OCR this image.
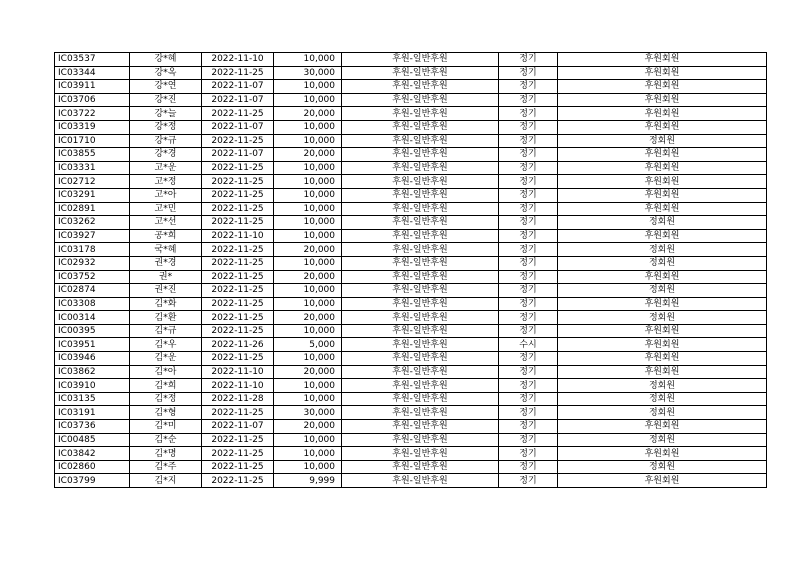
IC03537	강*혜	2022-11-10	10,000	후원-일반후원	정기	후원회원
IC03344	강*옥	2022-11-25	30,000	후원-일반후원	정기	후원회원
IC03911	강*연	2022-11-07	10,000	후원-일반후원	정기	후원회원
IC03706	강*진	2022-11-07	10,000	후원-일반후원	정기	후원회원
IC03722	강*늘	2022-11-25	20,000	후원-일반후원	정기	후원회원
IC03319	강*정	2022-11-07	10,000	후원-일반후원	정기	후원회원
IC01710	강*규	2022-11-25	10,000	후원-일반후원	정기	정회원
IC03855	강*경	2022-11-07	20,000	후원-일반후원	정기	후원회원
IC03331	고*운	2022-11-25	10,000	후원-일반후원	정기	후원회원
IC02712	고*정	2022-11-25	10,000	후원-일반후원	정기	후원회원
IC03291	고*아	2022-11-25	10,000	후원-일반후원	정기	후원회원
IC02891	고*민	2022-11-25	10,000	후원-일반후원	정기	후원회원
IC03262	고*선	2022-11-25	10,000	후원-일반후원	정기	정회원
IC03927	공*희	2022-11-10	10,000	후원-일반후원	정기	후원회원
IC03178	국*혜	2022-11-25	20,000	후원-일반후원	정기	정회원
IC02932	권*경	2022-11-25	10,000	후원-일반후원	정기	정회원
IC03752	권*	2022-11-25	20,000	후원-일반후원	정기	후원회원
IC02874	권*진	2022-11-25	10,000	후원-일반후원	정기	정회원
IC03308	김*화	2022-11-25	10,000	후원-일반후원	정기	후원회원
IC00314	김*환	2022-11-25	20,000	후원-일반후원	정기	정회원
IC00395	김*규	2022-11-25	10,000	후원-일반후원	정기	후원회원
IC03951	김*우	2022-11-26	5,000	후원-일반후원	수시	후원회원
IC03946	김*운	2022-11-25	10,000	후원-일반후원	정기	후원회원
IC03862	김*아	2022-11-10	20,000	후원-일반후원	정기	후원회원
IC03910	김*희	2022-11-10	10,000	후원-일반후원	정기	정회원
IC03135	김*정	2022-11-28	10,000	후원-일반후원	정기	정회원
IC03191	김*형	2022-11-25	30,000	후원-일반후원	정기	정회원
IC03736	김*미	2022-11-07	20,000	후원-일반후원	정기	후원회원
IC00485	김*순	2022-11-25	10,000	후원-일반후원	정기	정회원
IC03842	김*명	2022-11-25	10,000	후원-일반후원	정기	후원회원
IC02860	김*주	2022-11-25	10,000	후원-일반후원	정기	정회원
IC03799	김*지	2022-11-25	9,999	후원-일반후원	정기	후원회원
